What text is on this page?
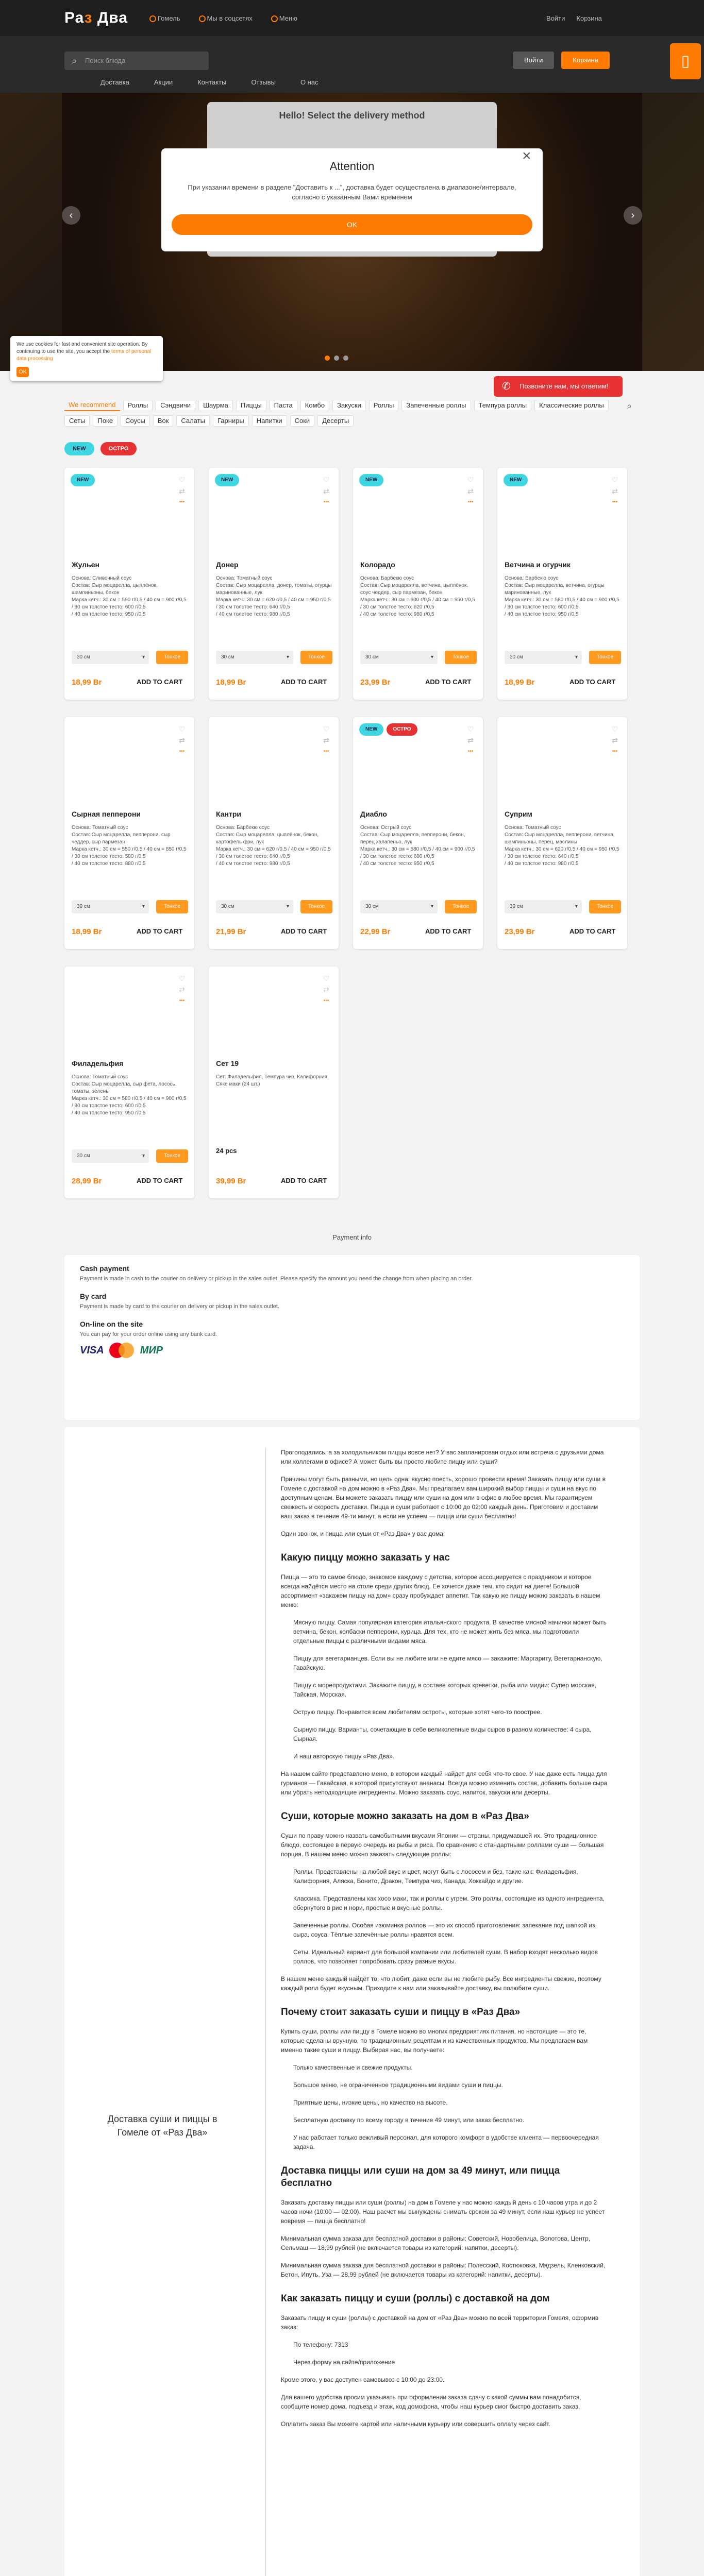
Раз Два	Гомель	Мы в соцсетях	Меню	Войти Корзина
⌕ Поиск блюда
Доставка	Акции	Контакты	Отзывы	О нас
Войти	Корзина
‹	›
▯
Hello! Select the delivery method
×
Attention

При указании времени в разделе "Доставить к ...", доставка будет осуществлена в диапазоне/интервале, согласно с указанным Вами временем

OK
We use cookies for fast and convenient site operation. By continuing to use the site, you accept the terms of personal data processing
OK
✆ Позвоните нам, мы ответим!
We recommend	Роллы	Сэндвичи	Шаурма	Пиццы	Паста	Комбо	Закуски	Роллы	Запеченные роллы	Темпура роллы	Классические роллы
Сеты	Поке	Соусы	Вок	Салаты	Гарниры	Напитки	Соки	Десерты
⌕
NEW	ОСТРО
NEW	♡
⇄
•••
Жульен
Основа: Сливочный соус
Состав: Сыр моцарелла, цыплёнок, шампиньоны, бекон
Марка кетч.: 30 см = 590 г/0,5 / 40 см = 900 г/0,5
/ 30 см толстое тесто: 600 г/0,5
/ 40 см толстое тесто: 950 г/0,5
30 см ▾	Тонкое
18,99 Br	ADD TO CART
NEW	♡
⇄
•••
Донер
Основа: Томатный соус
Состав: Сыр моцарелла, донер, томаты, огурцы маринованные, лук
Марка кетч.: 30 см = 620 г/0,5 / 40 см = 950 г/0,5
/ 30 см толстое тесто: 640 г/0,5
/ 40 см толстое тесто: 980 г/0,5
30 см ▾	Тонкое
18,99 Br	ADD TO CART
NEW	♡
⇄
•••
Колорадо
Основа: Барбекю соус
Состав: Сыр моцарелла, ветчина, цыплёнок, соус чеддер, сыр пармезан, бекон
Марка кетч.: 30 см = 600 г/0,5 / 40 см = 950 г/0,5
/ 30 см толстое тесто: 620 г/0,5
/ 40 см толстое тесто: 980 г/0,5
30 см ▾	Тонкое
23,99 Br	ADD TO CART
NEW	♡
⇄
•••
Ветчина и огурчик
Основа: Барбекю соус
Состав: Сыр моцарелла, ветчина, огурцы маринованные, лук
Марка кетч.: 30 см = 580 г/0,5 / 40 см = 900 г/0,5
/ 30 см толстое тесто: 600 г/0,5
/ 40 см толстое тесто: 950 г/0,5
30 см ▾	Тонкое
18,99 Br	ADD TO CART
♡
⇄
•••
Сырная пепперони
Основа: Томатный соус
Состав: Сыр моцарелла, пепперони, сыр чеддер, сыр пармезан
Марка кетч.: 30 см = 550 г/0,5 / 40 см = 850 г/0,5
/ 30 см толстое тесто: 580 г/0,5
/ 40 см толстое тесто: 880 г/0,5
30 см ▾	Тонкое
18,99 Br	ADD TO CART
♡
⇄
•••
Кантри
Основа: Барбекю соус
Состав: Сыр моцарелла, цыплёнок, бекон, картофель фри, лук
Марка кетч.: 30 см = 620 г/0,5 / 40 см = 950 г/0,5
/ 30 см толстое тесто: 640 г/0,5
/ 40 см толстое тесто: 980 г/0,5
30 см ▾	Тонкое
21,99 Br	ADD TO CART
NEW	ОСТРО	♡
⇄
•••
Диабло
Основа: Острый соус
Состав: Сыр моцарелла, пепперони, бекон, перец халапеньо, лук
Марка кетч.: 30 см = 580 г/0,5 / 40 см = 900 г/0,5
/ 30 см толстое тесто: 600 г/0,5
/ 40 см толстое тесто: 950 г/0,5
30 см ▾	Тонкое
22,99 Br	ADD TO CART
♡
⇄
•••
Суприм
Основа: Томатный соус
Состав: Сыр моцарелла, пепперони, ветчина, шампиньоны, перец, маслины
Марка кетч.: 30 см = 620 г/0,5 / 40 см = 950 г/0,5
/ 30 см толстое тесто: 640 г/0,5
/ 40 см толстое тесто: 980 г/0,5
30 см ▾	Тонкое
23,99 Br	ADD TO CART
♡
⇄
•••
Филадельфия
Основа: Томатный соус
Состав: Сыр моцарелла, сыр фета, лосось, томаты, зелень
Марка кетч.: 30 см = 580 г/0,5 / 40 см = 900 г/0,5
/ 30 см толстое тесто: 600 г/0,5
/ 40 см толстое тесто: 950 г/0,5
30 см ▾	Тонкое
28,99 Br	ADD TO CART
♡
⇄
•••
Сет 19
Сет: Филадельфия, Темпура чиз, Калифорния, Сяке маки (24 шт.)
24 pcs
39,99 Br	ADD TO CART
Payment info
Cash payment

Payment is made in cash to the courier on delivery or pickup in the sales outlet. Please specify the amount you need the change from when placing an order.

By card

Payment is made by card to the courier on delivery or pickup in the sales outlet.

On-line on the site

You can pay for your order online using any bank card.

VISA	МИР
Доставка суши и пиццы в Гомеле от «Раз Два»

Проголодались, а за холодильником пиццы вовсе нет? У вас запланирован отдых или встреча с друзьями дома или коллегами в офисе? А может быть вы просто любите пиццу или суши?

Причины могут быть разными, но цель одна: вкусно поесть, хорошо провести время! Заказать пиццу или суши в Гомеле с доставкой на дом можно в «Раз Два». Мы предлагаем вам широкий выбор пиццы и суши на вкус по доступным ценам. Вы можете заказать пиццу или суши на дом или в офис в любое время. Мы гарантируем свежесть и скорость доставки. Пицца и суши работают с 10:00 до 02:00 каждый день. Приготовим и доставим ваш заказ в течение 49-ти минут, а если не успеем — пицца или суши бесплатно!

Один звонок, и пицца или суши от «Раз Два» у вас дома!

Какую пиццу можно заказать у нас

Пицца — это то самое блюдо, знакомое каждому с детства, которое ассоциируется с праздником и которое всегда найдётся место на столе среди других блюд. Ее хочется даже тем, кто сидит на диете! Большой ассортимент «закажем пиццу на дом» сразу пробуждает аппетит. Так какую же пиццу можно заказать в нашем меню:

Мясную пиццу. Самая популярная категория итальянского продукта. В качестве мясной начинки может быть ветчина, бекон, колбаски пепперони, курица. Для тех, кто не может жить без мяса, мы подготовили отдельные пиццы с различными видами мяса.

Пиццу для вегетарианцев. Если вы не любите или не едите мясо — закажите: Маргариту, Вегетарианскую, Гавайскую.

Пиццу с морепродуктами. Закажите пиццу, в составе которых креветки, рыба или мидии: Супер морская, Тайская, Морская.

Острую пиццу. Понравится всем любителям остроты, которые хотят чего-то поострее.

Сырную пиццу. Варианты, сочетающие в себе великолепные виды сыров в разном количестве: 4 сыра, Сырная.

И наш авторскую пиццу «Раз Два».

На нашем сайте представлено меню, в котором каждый найдет для себя что-то свое. У нас даже есть пицца для гурманов — Гавайская, в которой присутствуют ананасы. Всегда можно изменить состав, добавить больше сыра или убрать неподходящие ингредиенты. Можно заказать соус, напиток, закуски или десерты.

Суши, которые можно заказать на дом в «Раз Два»

Суши по праву можно назвать самобытными вкусами Японии — страны, придумавшей их. Это традиционное блюдо, состоящее в первую очередь из рыбы и риса. По сравнению с стандартными роллами суши — большая порция. В нашем меню можно заказать следующие роллы:

Роллы. Представлены на любой вкус и цвет, могут быть с лососем и без, такие как: Филадельфия, Калифорния, Аляска, Бонито, Дракон, Темпура чиз, Канада, Хоккайдо и другие.

Классика. Представлены как хосо маки, так и роллы с угрем. Это роллы, состоящие из одного ингредиента, обернутого в рис и нори, простые и вкусные роллы.

Запеченные роллы. Особая изюминка роллов — это их способ приготовления: запекание под шапкой из сыра, соуса. Тёплые запечённые роллы нравятся всем.

Сеты. Идеальный вариант для большой компании или любителей суши. В набор входят несколько видов роллов, что позволяет попробовать сразу разные вкусы.

В нашем меню каждый найдёт то, что любит, даже если вы не любите рыбу. Все ингредиенты свежие, поэтому каждый ролл будет вкусным. Приходите к нам или заказывайте доставку, вы полюбите суши.

Почему стоит заказать суши и пиццу в «Раз Два»

Купить суши, роллы или пиццу в Гомеле можно во многих предприятиях питания, но настоящие — это те, которые сделаны вручную, по традиционным рецептам и из качественных продуктов. Мы предлагаем вам именно такие суши и пиццу. Выбирая нас, вы получаете:

Только качественные и свежие продукты.

Большое меню, не ограниченное традиционными видами суши и пиццы.

Приятные цены, низкие цены, но качество на высоте.

Бесплатную доставку по всему городу в течение 49 минут, или заказ бесплатно.

У нас работает только вежливый персонал, для которого комфорт в удобстве клиента — первоочередная задача.

Доставка пиццы или суши на дом за 49 минут, или пицца бесплатно

Заказать доставку пиццы или суши (роллы) на дом в Гомеле у нас можно каждый день с 10 часов утра и до 2 часов ночи (10:00 — 02:00). Наш расчет мы вынуждены снимать сроком за 49 минут, если наш курьер не успеет вовремя — пицца бесплатно!

Минимальная сумма заказа для бесплатной доставки в районы: Советский, Новобелица, Волотова, Центр, Сельмаш — 18,99 рублей (не включается товары из категорий: напитки, десерты).

Минимальная сумма заказа для бесплатной доставки в районы: Полесский, Костюковка, Мядзель, Кленковский, Бетон, Ипуть, Уза — 28,99 рублей (не включается товары из категорий: напитки, десерты).

Как заказать пиццу и суши (роллы) с доставкой на дом

Заказать пиццу и суши (роллы) с доставкой на дом от «Раз Два» можно по всей территории Гомеля, оформив заказ:

По телефону: 7313

Через форму на сайте/приложение

Кроме этого, у вас доступен самовывоз с 10:00 до 23:00.

Для вашего удобства просим указывать при оформлении заказа сдачу с какой суммы вам понадобится, сообщите номер дома, подъезд и этаж, код домофона, чтобы наш курьер смог быстро доставить заказ.

Оплатить заказ Вы можете картой или наличными курьеру или совершить оплату через сайт.
